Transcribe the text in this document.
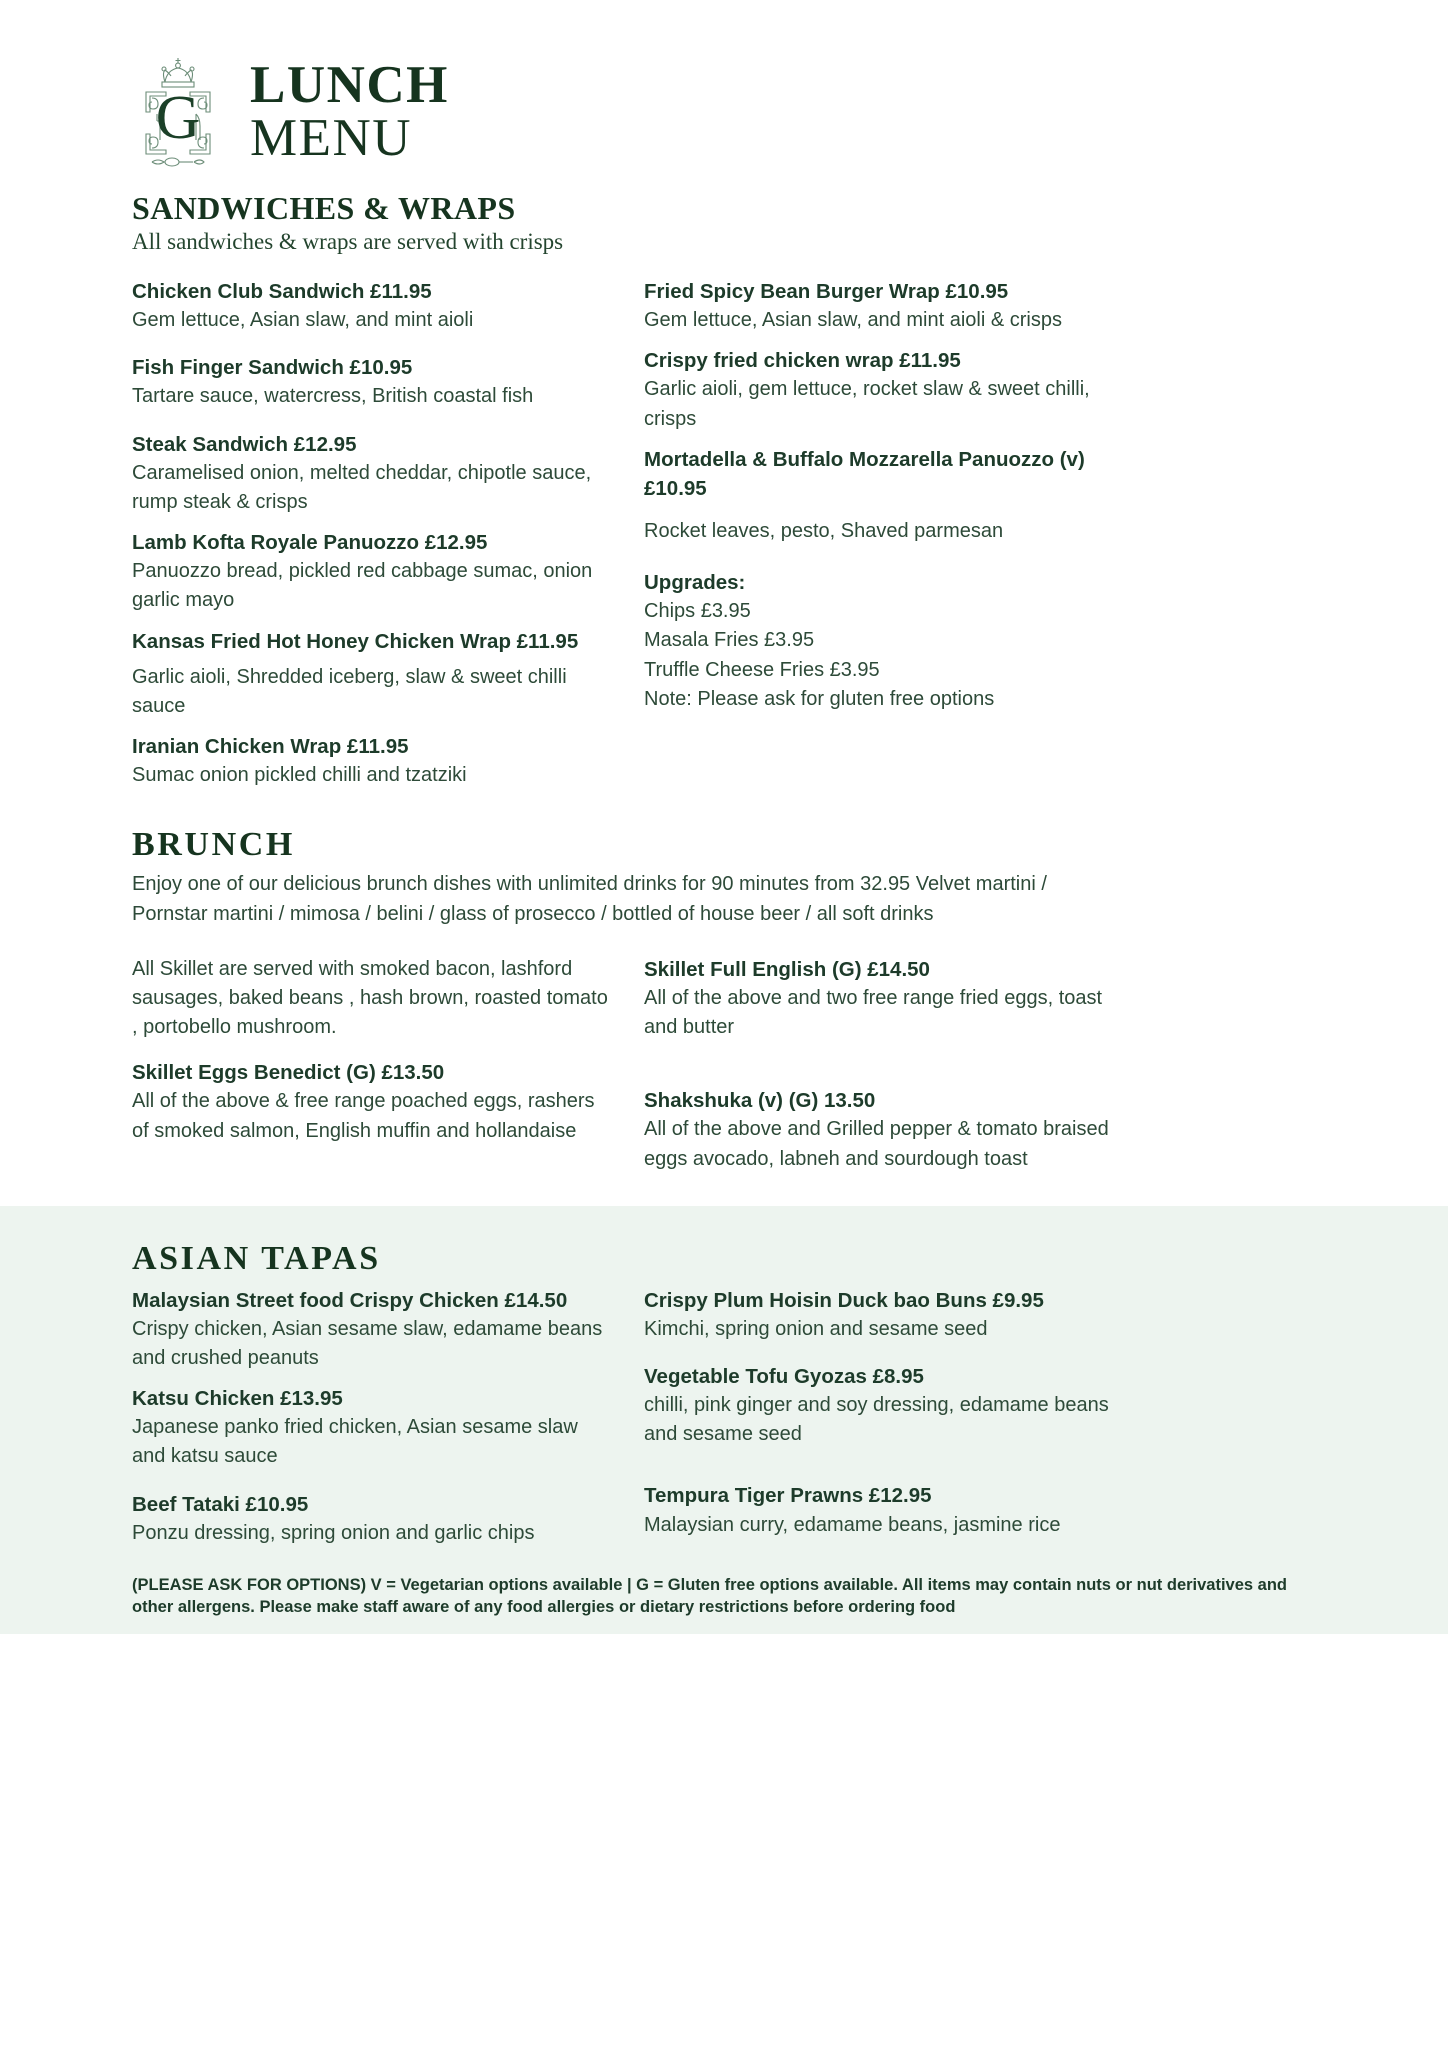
G LUNCH
MENU
SANDWICHES & WRAPS
All sandwiches & wraps are served with crisps
Chicken Club Sandwich £11.95
Gem lettuce, Asian slaw, and mint aioli
Fish Finger Sandwich £10.95
Tartare sauce, watercress, British coastal fish
Steak Sandwich £12.95
Caramelised onion, melted cheddar, chipotle sauce, rump steak & crisps
Lamb Kofta Royale Panuozzo £12.95
Panuozzo bread, pickled red cabbage sumac, onion garlic mayo
Kansas Fried Hot Honey Chicken Wrap £11.95
Garlic aioli, Shredded iceberg, slaw & sweet chilli sauce
Iranian Chicken Wrap £11.95
Sumac onion pickled chilli and tzatziki
Fried Spicy Bean Burger Wrap £10.95
Gem lettuce, Asian slaw, and mint aioli & crisps
Crispy fried chicken wrap £11.95
Garlic aioli, gem lettuce, rocket slaw & sweet chilli, crisps
Mortadella & Buffalo Mozzarella Panuozzo (v) £10.95
Rocket leaves, pesto, Shaved parmesan
Upgrades:
Chips £3.95
Masala Fries £3.95
Truffle Cheese Fries £3.95
Note: Please ask for gluten free options
BRUNCH
Enjoy one of our delicious brunch dishes with unlimited drinks for 90 minutes from 32.95 Velvet martini / Pornstar martini / mimosa / belini / glass of prosecco / bottled of house beer / all soft drinks
All Skillet are served with smoked bacon, lashford sausages, baked beans , hash brown, roasted tomato , portobello mushroom.
Skillet Eggs Benedict (G) £13.50
All of the above & free range poached eggs, rashers of smoked salmon, English muffin and hollandaise
Skillet Full English (G) £14.50
All of the above and two free range fried eggs, toast and butter
Shakshuka (v) (G) 13.50
All of the above and Grilled pepper & tomato braised eggs avocado, labneh and sourdough toast
ASIAN TAPAS
Malaysian Street food Crispy Chicken £14.50
Crispy chicken, Asian sesame slaw, edamame beans and crushed peanuts
Katsu Chicken £13.95
Japanese panko fried chicken, Asian sesame slaw and katsu sauce
Beef Tataki £10.95
Ponzu dressing, spring onion and garlic chips
Crispy Plum Hoisin Duck bao Buns £9.95
Kimchi, spring onion and sesame seed
Vegetable Tofu Gyozas £8.95
chilli, pink ginger and soy dressing, edamame beans and sesame seed
Tempura Tiger Prawns £12.95
Malaysian curry, edamame beans, jasmine rice
(PLEASE ASK FOR OPTIONS) V = Vegetarian options available | G = Gluten free options available. All items may contain nuts or nut derivatives and other allergens. Please make staff aware of any food allergies or dietary restrictions before ordering food
